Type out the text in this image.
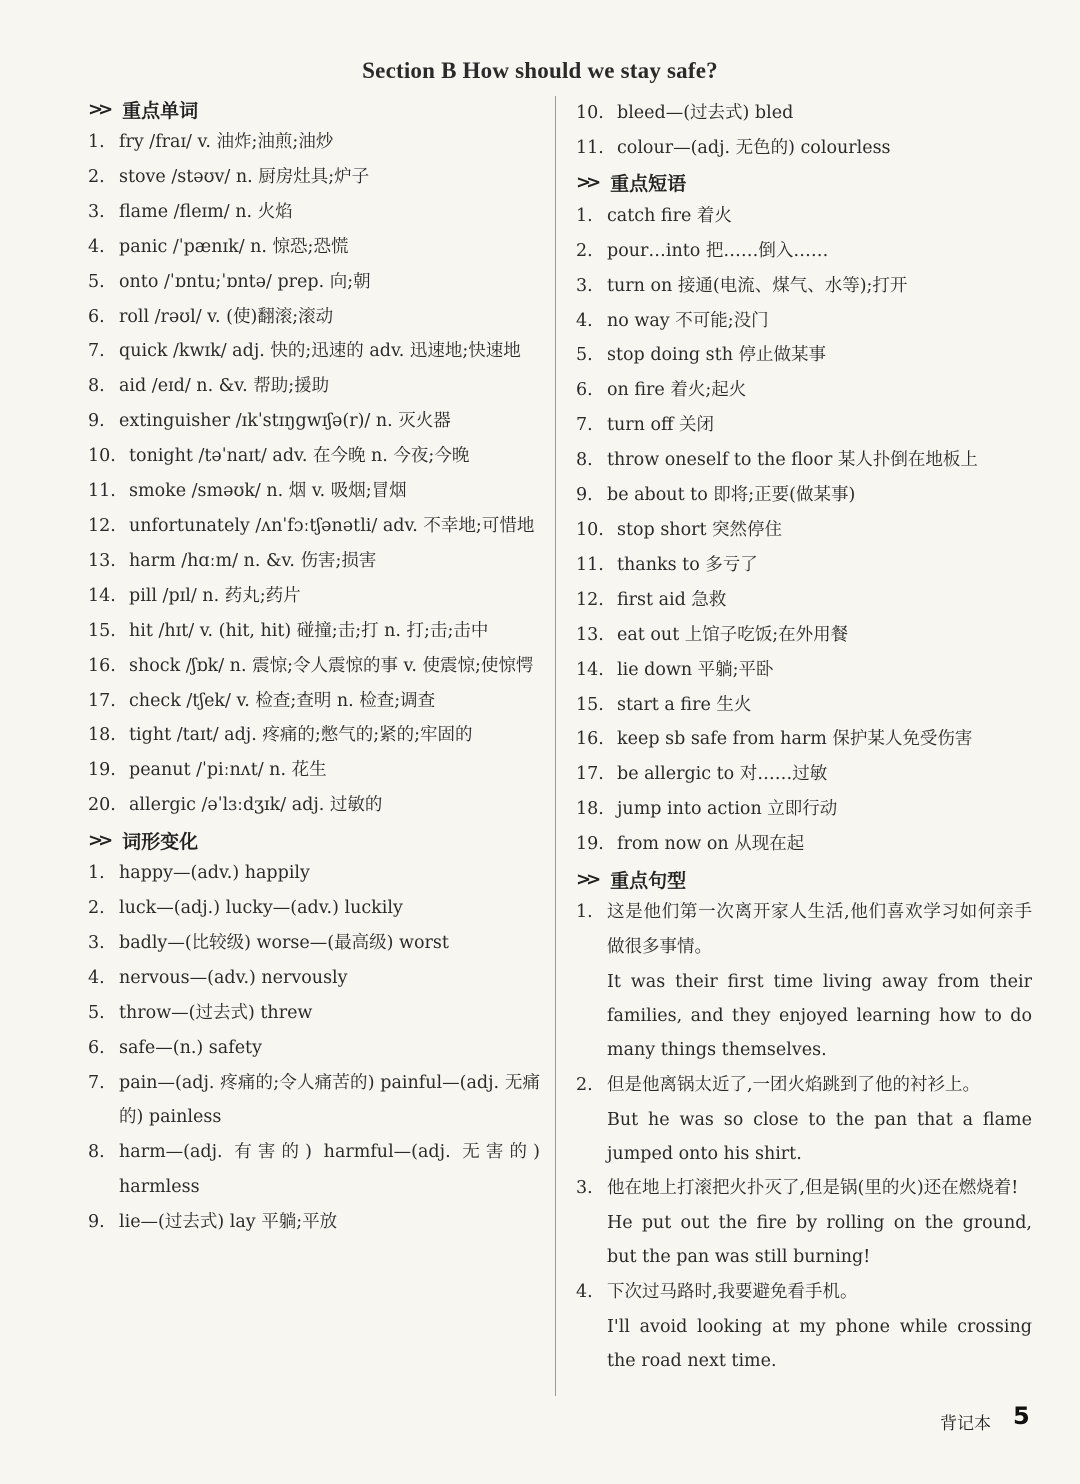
Section B How should we stay safe?
>> 重点单词
1. fry /fraɪ/ v. 油炸;油煎;油炒
2. stove /stəʊv/ n. 厨房灶具;炉子
3. flame /fleɪm/ n. 火焰
4. panic /ˈpænɪk/ n. 惊恐;恐慌
5. onto /ˈɒntu;ˈɒntə/ prep. 向;朝
6. roll /rəʊl/ v. (使)翻滚;滚动
7. quick /kwɪk/ adj. 快的;迅速的 adv. 迅速地;快速地
8. aid /eɪd/ n. &v. 帮助;援助
9. extinguisher /ɪkˈstɪŋgwɪʃə(r)/ n. 灭火器
10. tonight /təˈnaɪt/ adv. 在今晚 n. 今夜;今晚
11. smoke /sməʊk/ n. 烟 v. 吸烟;冒烟
12. unfortunately /ʌnˈfɔːtʃənətli/ adv. 不幸地;可惜地
13. harm /hɑːm/ n. &v. 伤害;损害
14. pill /pɪl/ n. 药丸;药片
15. hit /hɪt/ v. (hit, hit) 碰撞;击;打 n. 打;击;击中
16. shock /ʃɒk/ n. 震惊;令人震惊的事 v. 使震惊;使惊愕
17. check /tʃek/ v. 检查;查明 n. 检查;调查
18. tight /taɪt/ adj. 疼痛的;憋气的;紧的;牢固的
19. peanut /ˈpiːnʌt/ n. 花生
20. allergic /əˈlɜːdʒɪk/ adj. 过敏的
>> 词形变化
1. happy—(adv.) happily
2. luck—(adj.) lucky—(adv.) luckily
3. badly—(比较级) worse—(最高级) worst
4. nervous—(adv.) nervously
5. throw—(过去式) threw
6. safe—(n.) safety
7. pain—(adj. 疼痛的;令人痛苦的) painful—(adj. 无痛的) painless
8. harm—(adj. 有害的) harmful—(adj. 无害的) harmless
9. lie—(过去式) lay 平躺;平放
10. bleed—(过去式) bled
11. colour—(adj. 无色的) colourless
>> 重点短语
1. catch fire 着火
2. pour…into 把……倒入……
3. turn on 接通(电流、煤气、水等);打开
4. no way 不可能;没门
5. stop doing sth 停止做某事
6. on fire 着火;起火
7. turn off 关闭
8. throw oneself to the floor 某人扑倒在地板上
9. be about to 即将;正要(做某事)
10. stop short 突然停住
11. thanks to 多亏了
12. first aid 急救
13. eat out 上馆子吃饭;在外用餐
14. lie down 平躺;平卧
15. start a fire 生火
16. keep sb safe from harm 保护某人免受伤害
17. be allergic to 对……过敏
18. jump into action 立即行动
19. from now on 从现在起
>> 重点句型
1. 这是他们第一次离开家人生活,他们喜欢学习如何亲手做很多事情。
It was their first time living away from their families, and they enjoyed learning how to do many things themselves.
2. 但是他离锅太近了,一团火焰跳到了他的衬衫上。
But he was so close to the pan that a flame jumped onto his shirt.
3. 他在地上打滚把火扑灭了,但是锅(里的火)还在燃烧着!
He put out the fire by rolling on the ground, but the pan was still burning!
4. 下次过马路时,我要避免看手机。
I'll avoid looking at my phone while crossing the road next time.
背记本 5
